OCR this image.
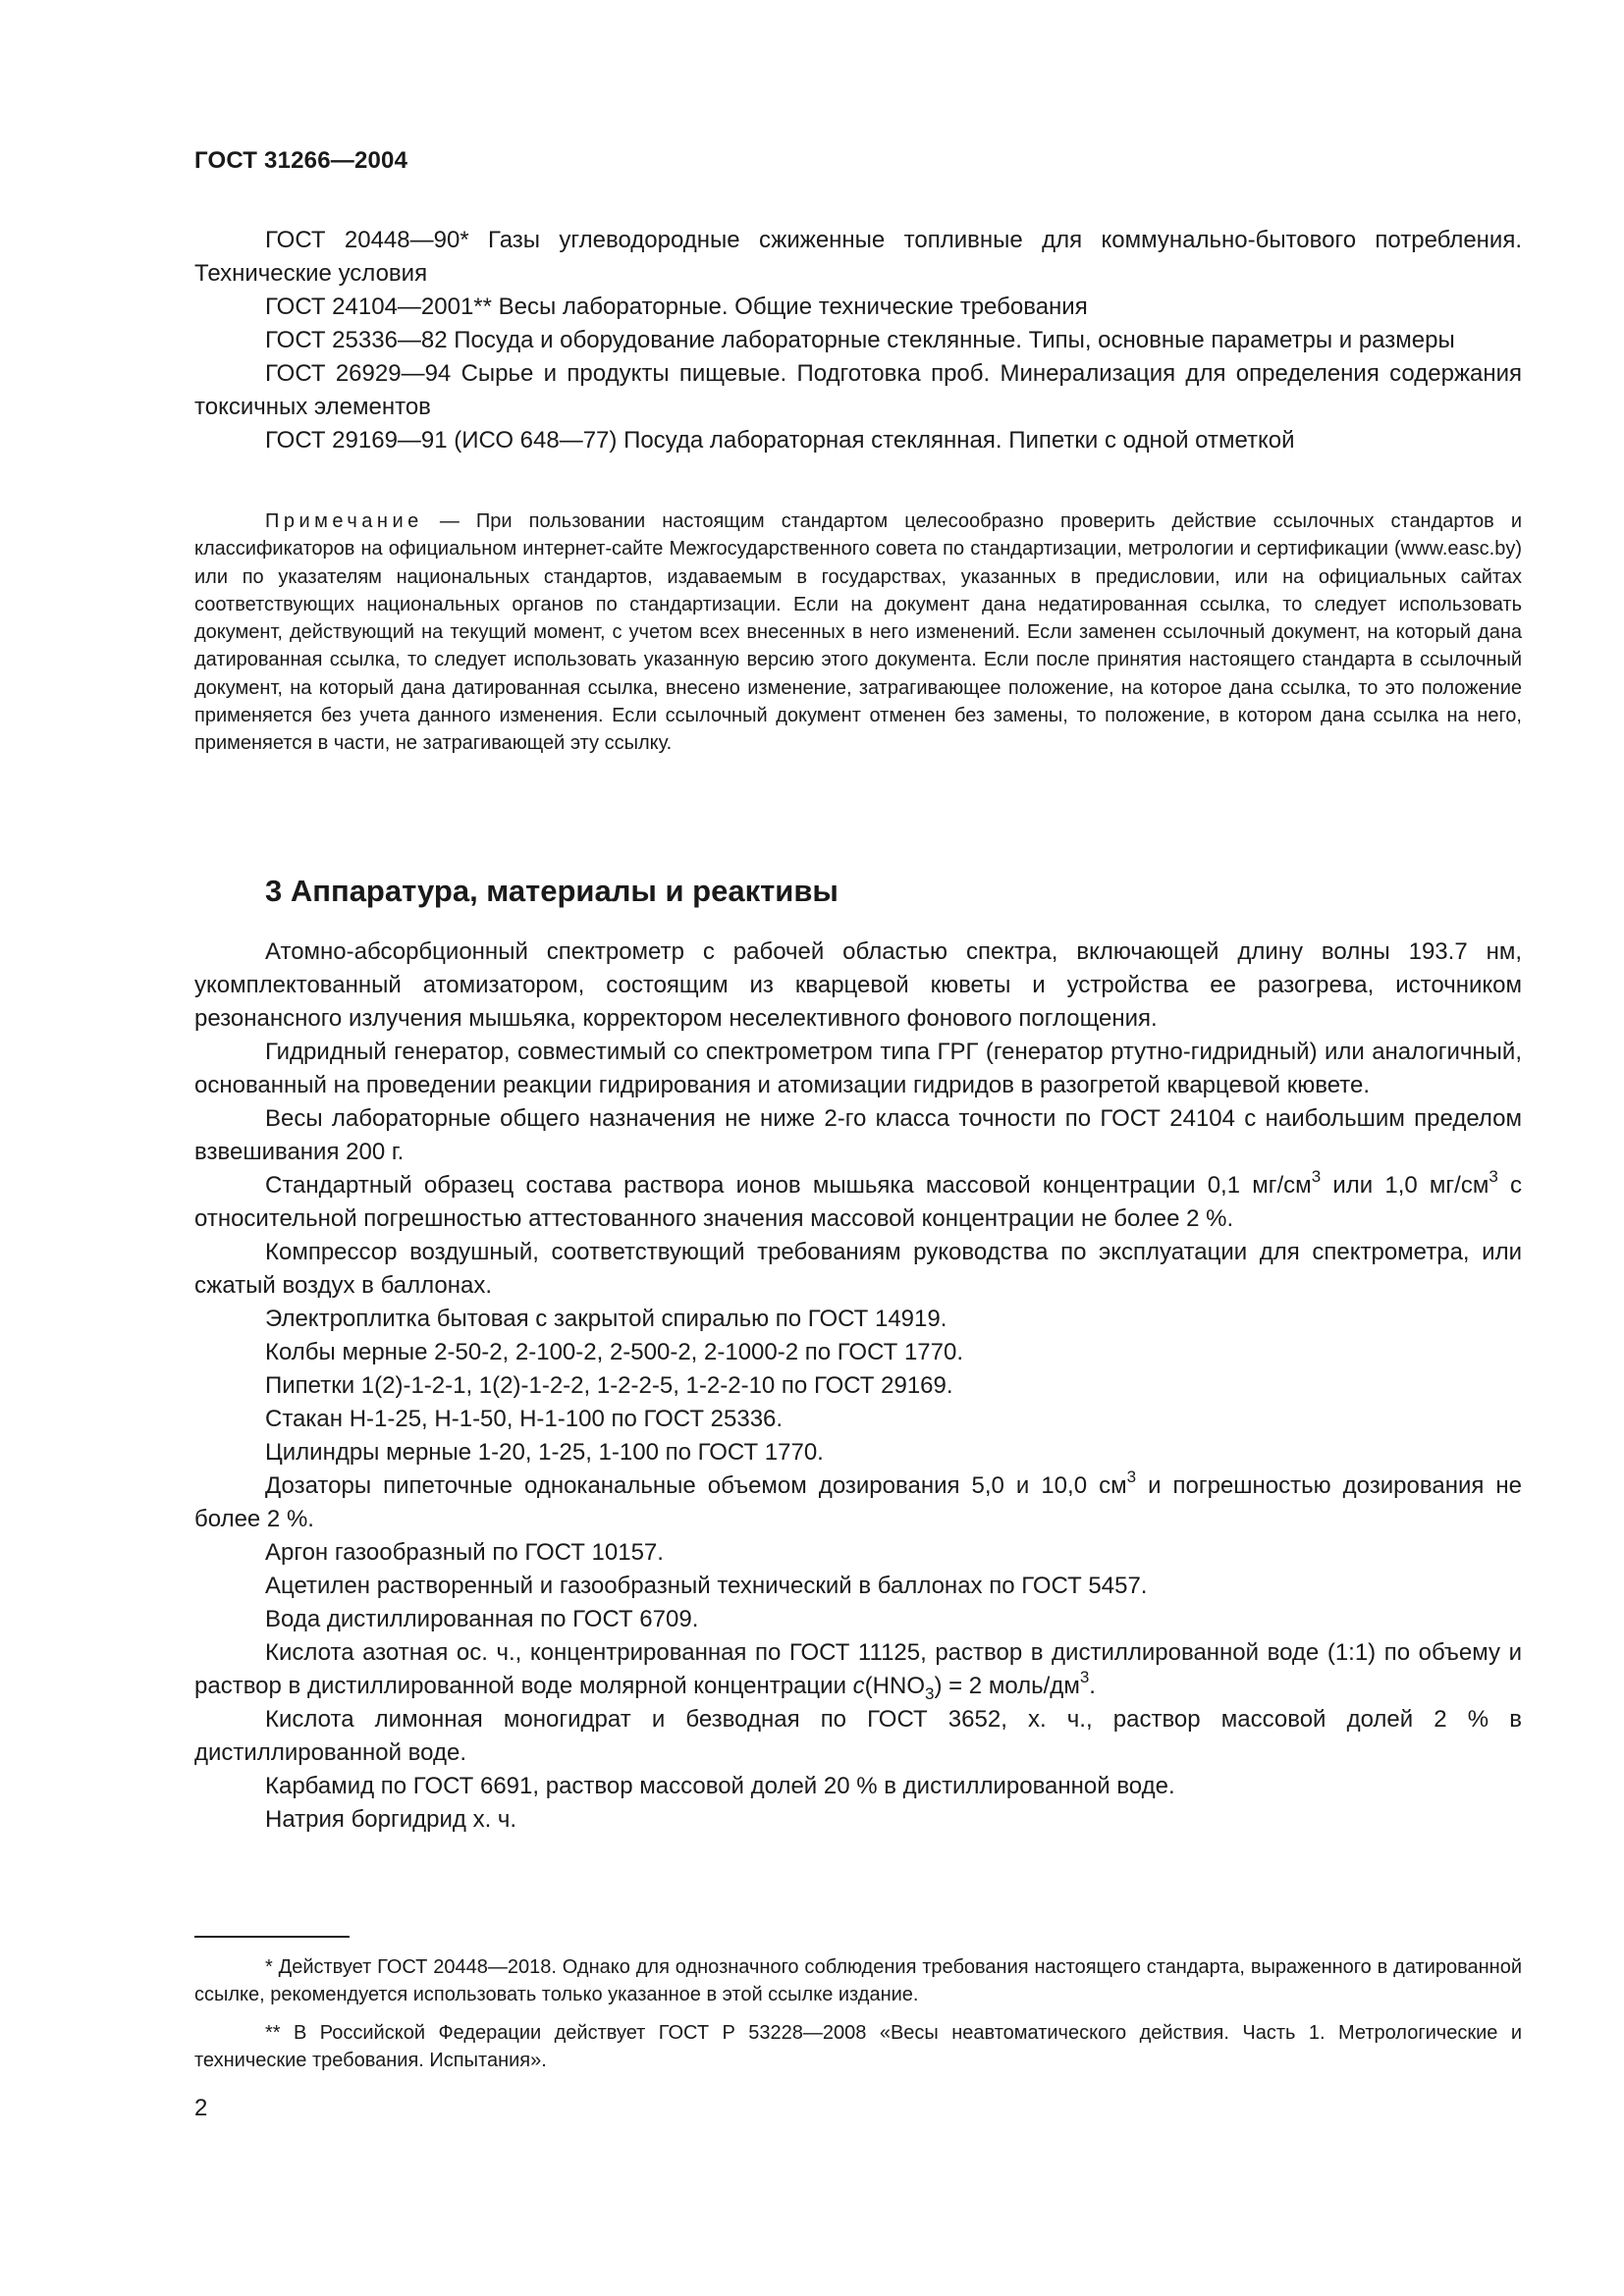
ГОСТ 31266—2004

ГОСТ 20448—90* Газы углеводородные сжиженные топливные для коммунально-бытового потребления. Технические условия

ГОСТ 24104—2001** Весы лабораторные. Общие технические требования

ГОСТ 25336—82 Посуда и оборудование лабораторные стеклянные. Типы, основные параметры и размеры

ГОСТ 26929—94 Сырье и продукты пищевые. Подготовка проб. Минерализация для определения содержания токсичных элементов

ГОСТ 29169—91 (ИСО 648—77) Посуда лабораторная стеклянная. Пипетки с одной отметкой

Примечание — При пользовании настоящим стандартом целесообразно проверить действие ссылочных стандартов и классификаторов на официальном интернет-сайте Межгосударственного совета по стандартизации, метрологии и сертификации (www.easc.by) или по указателям национальных стандартов, издаваемым в государствах, указанных в предисловии, или на официальных сайтах соответствующих национальных органов по стандартизации. Если на документ дана недатированная ссылка, то следует использовать документ, действующий на текущий момент, с учетом всех внесенных в него изменений. Если заменен ссылочный документ, на который дана датированная ссылка, то следует использовать указанную версию этого документа. Если после принятия настоящего стандарта в ссылочный документ, на который дана датированная ссылка, внесено изменение, затрагивающее положение, на которое дана ссылка, то это положение применяется без учета данного изменения. Если ссылочный документ отменен без замены, то положение, в котором дана ссылка на него, применяется в части, не затрагивающей эту ссылку.

3 Аппаратура, материалы и реактивы

Атомно-абсорбционный спектрометр с рабочей областью спектра, включающей длину волны 193.7 нм, укомплектованный атомизатором, состоящим из кварцевой кюветы и устройства ее разогрева, источником резонансного излучения мышьяка, корректором неселективного фонового поглощения.

Гидридный генератор, совместимый со спектрометром типа ГРГ (генератор ртутно-гидридный) или аналогичный, основанный на проведении реакции гидрирования и атомизации гидридов в разогретой кварцевой кювете.

Весы лабораторные общего назначения не ниже 2-го класса точности по ГОСТ 24104 с наибольшим пределом взвешивания 200 г.

Стандартный образец состава раствора ионов мышьяка массовой концентрации 0,1 $мг/см^3$ или 1,0 $мг/см^3$ с относительной погрешностью аттестованного значения массовой концентрации не более 2 %.

Компрессор воздушный, соответствующий требованиям руководства по эксплуатации для спектрометра, или сжатый воздух в баллонах.

Электроплитка бытовая с закрытой спиралью по ГОСТ 14919.

Колбы мерные 2-50-2, 2-100-2, 2-500-2, 2-1000-2 по ГОСТ 1770.

Пипетки 1(2)-1-2-1, 1(2)-1-2-2, 1-2-2-5, 1-2-2-10 по ГОСТ 29169.

Стакан Н-1-25, Н-1-50, Н-1-100 по ГОСТ 25336.

Цилиндры мерные 1-20, 1-25, 1-100 по ГОСТ 1770.

Дозаторы пипеточные одноканальные объемом дозирования 5,0 и 10,0 $см^3$ и погрешностью дозирования не более 2 %.

Аргон газообразный по ГОСТ 10157.

Ацетилен растворенный и газообразный технический в баллонах по ГОСТ 5457.

Вода дистиллированная по ГОСТ 6709.

Кислота азотная ос. ч., концентрированная по ГОСТ 11125, раствор в дистиллированной воде (1:1) по объему и раствор в дистиллированной воде молярной концентрации $c(HNO_3) = 2$ моль/$дм^3$.

Кислота лимонная моногидрат и безводная по ГОСТ 3652, х. ч., раствор массовой долей 2 % в дистиллированной воде.

Карбамид по ГОСТ 6691, раствор массовой долей 20 % в дистиллированной воде.

Натрия боргидрид х. ч.

* Действует ГОСТ 20448—2018. Однако для однозначного соблюдения требования настоящего стандарта, выраженного в датированной ссылке, рекомендуется использовать только указанное в этой ссылке издание.

** В Российской Федерации действует ГОСТ Р 53228—2008 «Весы неавтоматического действия. Часть 1. Метрологические и технические требования. Испытания».

2
